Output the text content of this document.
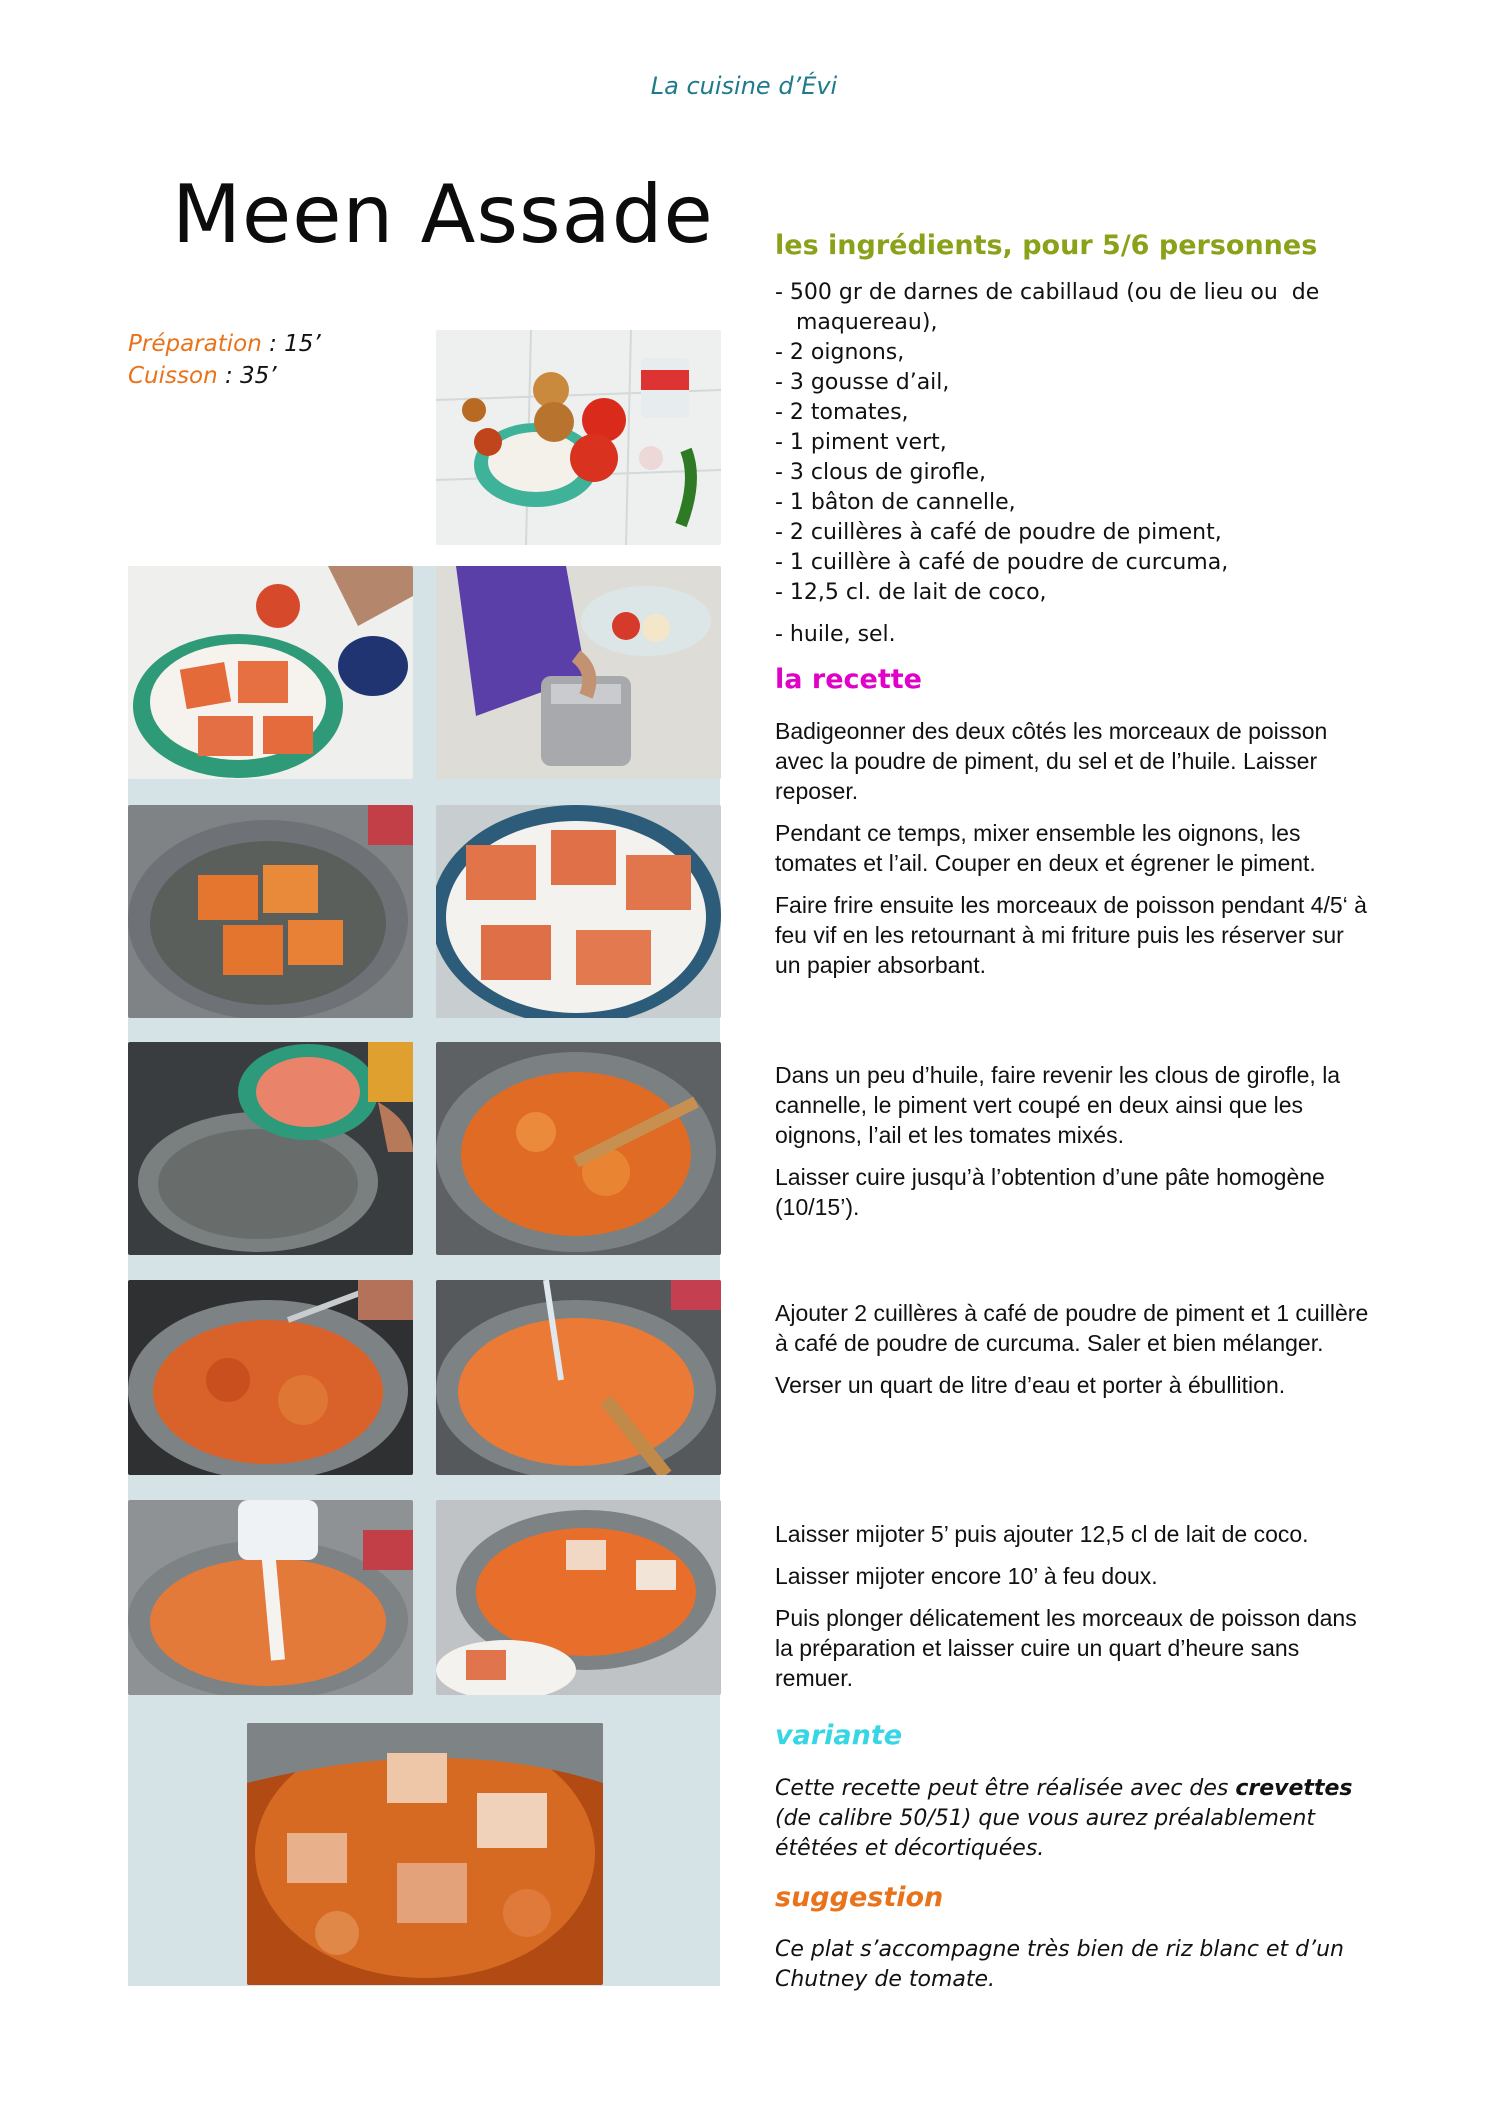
La cuisine d’Évi
Meen Assade
Préparation : 15’
Cuisson : 35’
les ingrédients, pour 5/6 personnes
- 500 gr de darnes de cabillaud (ou de lieu ou  de
maquereau),
- 2 oignons,
- 3 gousse d’ail,
- 2 tomates,
- 1 piment vert,
- 3 clous de girofle,
- 1 bâton de cannelle,
- 2 cuillères à café de poudre de piment,
- 1 cuillère à café de poudre de curcuma,
- 12,5 cl. de lait de coco,
- huile, sel.
la recette

Badigeonner des deux côtés les morceaux de poisson avec la poudre de piment, du sel et de l’huile. Laisser reposer.

Pendant ce temps, mixer ensemble les oignons, les tomates et l’ail. Couper en deux et égrener le piment.

Faire frire ensuite les morceaux de poisson pendant 4/5‘ à feu vif en les retournant à mi friture puis les réserver sur un papier absorbant.

Dans un peu d’huile, faire revenir les clous de girofle, la cannelle, le piment vert coupé en deux ainsi que les oignons, l’ail et les tomates mixés.

Laisser cuire jusqu’à l’obtention d’une pâte homogène (10/15’).

Ajouter 2 cuillères à café de poudre de piment et 1 cuillère à café de poudre de curcuma. Saler et bien mélanger.

Verser un quart de litre d’eau et porter à ébullition.

Laisser mijoter 5’ puis ajouter 12,5 cl de lait de coco.

Laisser mijoter encore 10’ à feu doux.

Puis plonger délicatement les morceaux de poisson dans la préparation et laisser cuire un quart d’heure sans remuer.

variante

Cette recette peut être réalisée avec des crevettes (de calibre 50/51) que vous aurez préalablement étêtées et décortiquées.

suggestion

Ce plat s’accompagne très bien de riz blanc et d’un Chutney de tomate.
